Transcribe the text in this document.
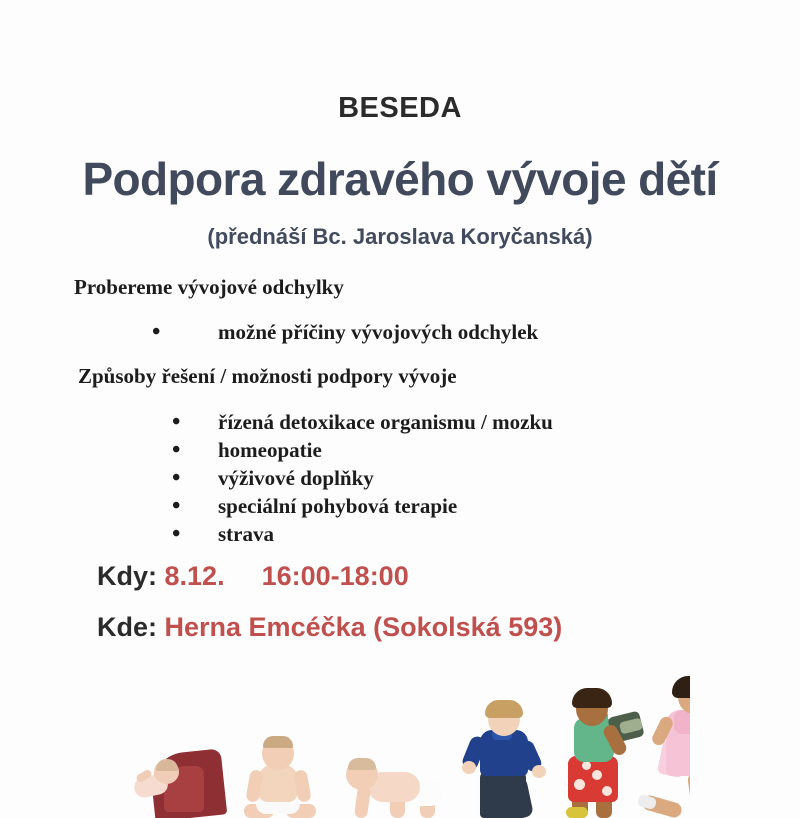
BESEDA
Podpora zdravého vývoje dětí
(přednáší Bc. Jaroslava Koryčanská)
Probereme vývojové odchylky
•
možné příčiny vývojových odchylek
Způsoby řešení / možnosti podpory vývoje
•
řízená detoxikace organismu / mozku
•
homeopatie
•
výživové doplňky
•
speciální pohybová terapie
•
strava
Kdy: 8.12. 16:00-18:00
Kde: Herna Emcéčka (Sokolská 593)
